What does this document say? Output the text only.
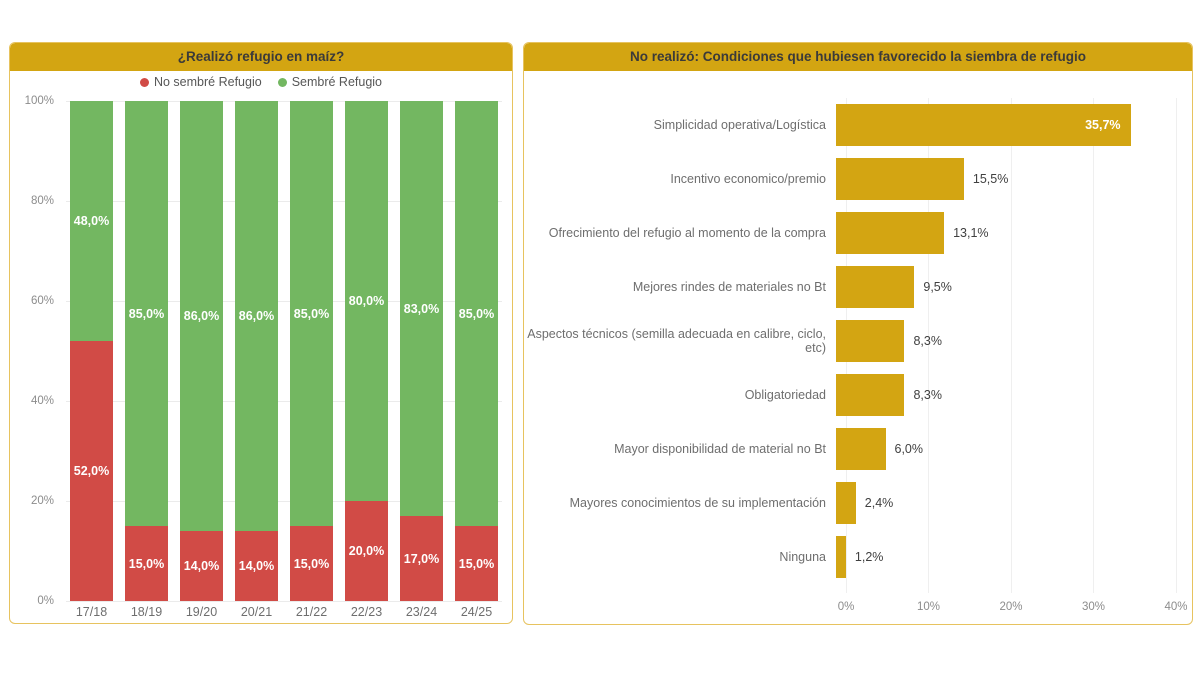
¿Realizó refugio en maíz?
No sembré Refugio Sembré Refugio
100%
80%
60%
40%
20%
0%
48,0%
52,0%
85,0%
15,0%
86,0%
14,0%
86,0%
14,0%
85,0%
15,0%
80,0%
20,0%
83,0%
17,0%
85,0%
15,0%
17/18	18/19	19/20	20/21	21/22	22/23	23/24	24/25
No realizó: Condiciones que hubiesen favorecido la siembra de refugio
Simplicidad operativa/Logística	35,7%
Incentivo economico/premio	15,5%
Ofrecimiento del refugio al momento de la compra	13,1%
Mejores rindes de materiales no Bt	9,5%
Aspectos técnicos (semilla adecuada en calibre, ciclo, etc)	8,3%
Obligatoriedad	8,3%
Mayor disponibilidad de material no Bt	6,0%
Mayores conocimientos de su implementación	2,4%
Ninguna	1,2%
0%	10%	20%	30%	40%
